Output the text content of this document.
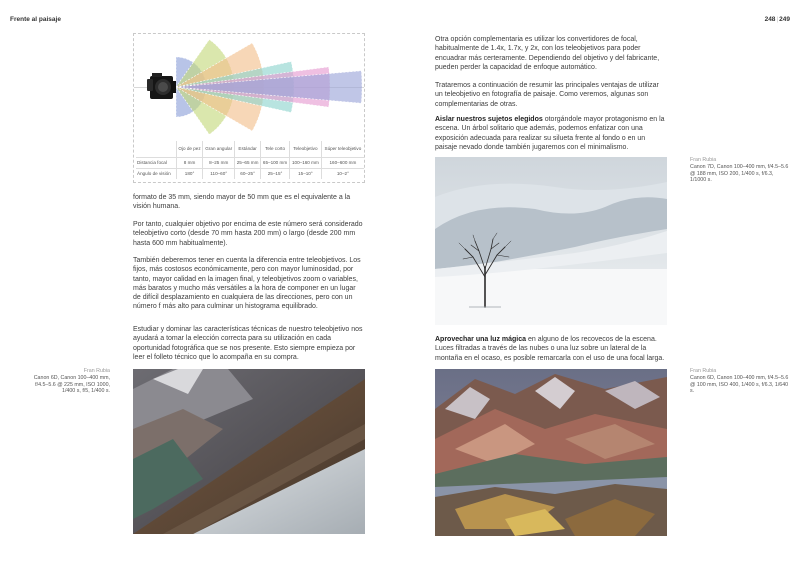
Frente al paisaje	248|249
	Ojo de pez	Gran angular	Estándar	Tele corto	Teleobjetivo	Súper teleobjetivo
Distancia focal	8 mm	8–25 mm	25–65 mm	65–100 mm	100–160 mm	160–600 mm
Ángulo de visión	180°	110–60°	60–25°	25–15°	15–10°	10–2°

formato de 35 mm, siendo mayor de 50 mm que es el equivalente a la visión humana.

Por tanto, cualquier objetivo por encima de este número será considerado teleobjetivo corto (desde 70 mm hasta 200 mm) o largo (desde 200 mm hasta 600 mm habitualmente).

También deberemos tener en cuenta la diferencia entre teleobjetivos. Los fijos, más costosos económicamente, pero con mayor luminosidad, por tanto, mayor calidad en la imagen final, y teleobjetivos zoom o variables, más baratos y mucho más versátiles a la hora de componer en un lugar de difícil desplazamiento en cualquiera de las direcciones, pero con un número f más alto para culminar un histograma equilibrado.

Estudiar y dominar las características técnicas de nuestro teleobjetivo nos ayudará a tomar la elección correcta para su utilización en cada oportunidad fotográfica que se nos presente. Esto siempre empieza por leer el folleto técnico que lo acompaña en su compra.

Fran Rubia
Canon 6D, Canon 100–400 mm, f/4.5–5.6 @ 225 mm, ISO 1000, 1/400 s, f/5, 1/400 s.

Otra opción complementaria es utilizar los convertidores de focal, habitualmente de 1.4x, 1.7x, y 2x, con los teleobjetivos para poder encuadrar más certeramente. Dependiendo del objetivo y del fabricante, pueden perder la capacidad de enfoque automático.

Trataremos a continuación de resumir las principales ventajas de utilizar un teleobjetivo en fotografía de paisaje. Como veremos, algunas son complementarias de otras.

Aislar nuestros sujetos elegidos otorgándole mayor protagonismo en la escena. Un árbol solitario que además, podemos enfatizar con una exposición adecuada para realizar su silueta frente al fondo o en un paisaje nevado donde también jugaremos con el minimalismo.

Fran Rubia
Canon 7D, Canon 100–400 mm, f/4.5–5.6 @ 188 mm, ISO 200, 1/400 s, f/6.3, 1/1000 s.

Aprovechar una luz mágica en alguno de los recovecos de la escena. Luces filtradas a través de las nubes o una luz sobre un lateral de la montaña en el ocaso, es posible remarcarla con el uso de una focal larga.

Fran Rubia
Canon 6D, Canon 100–400 mm, f/4.5–5.6 @ 100 mm, ISO 400, 1/400 s, f/6.3, 1/640 s.
